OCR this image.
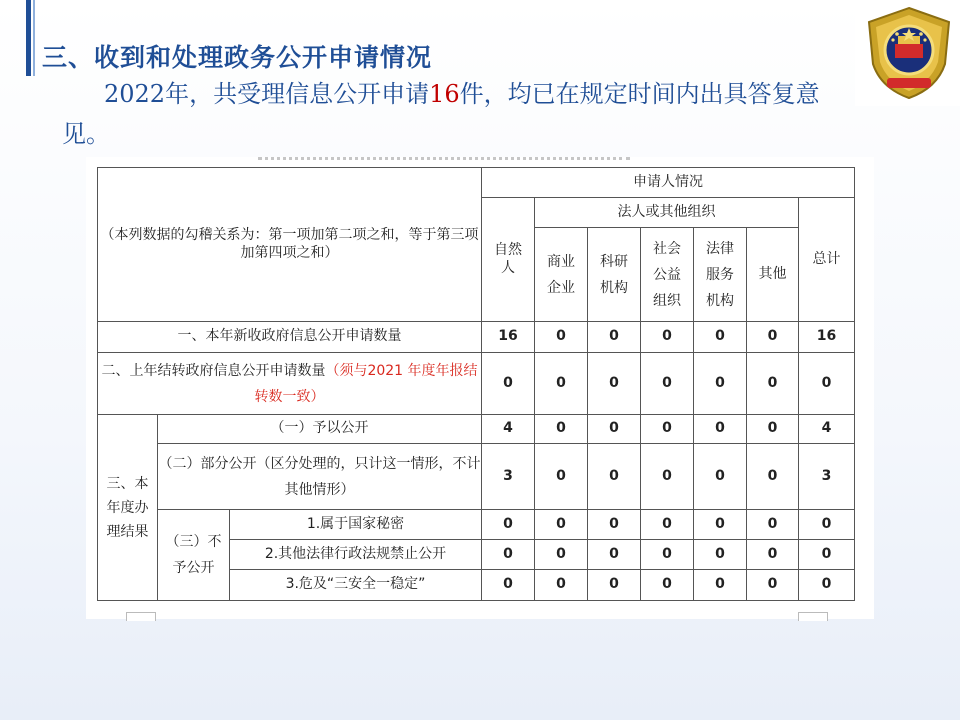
三、收到和处理政务公开申请情况

2022年，共受理信息公开申请16件，均已在规定时间内出具答复意见。

（本列数据的勾稽关系为：第一项加第二项之和，等于第三项加第四项之和）			申请人情况						
			自然人	法人或其他组织					总计
				商业企业	科研机构	社会公益组织	法律服务机构	其他	
一、本年新收政府信息公开申请数量			16	0	0	0	0	0	16
二、上年结转政府信息公开申请数量（须与2021 年度年报结转数一致）			0	0	0	0	0	0	0
三、本年度办理结果	（一）予以公开		4	0	0	0	0	0	4
	（二）部分公开（区分处理的，只计这一情形，不计其他情形）		3	0	0	0	0	0	3
	（三）不予公开	1.属于国家秘密	0	0	0	0	0	0	0
		2.其他法律行政法规禁止公开	0	0	0	0	0	0	0
		3.危及“三安全一稳定”	0	0	0	0	0	0	0
